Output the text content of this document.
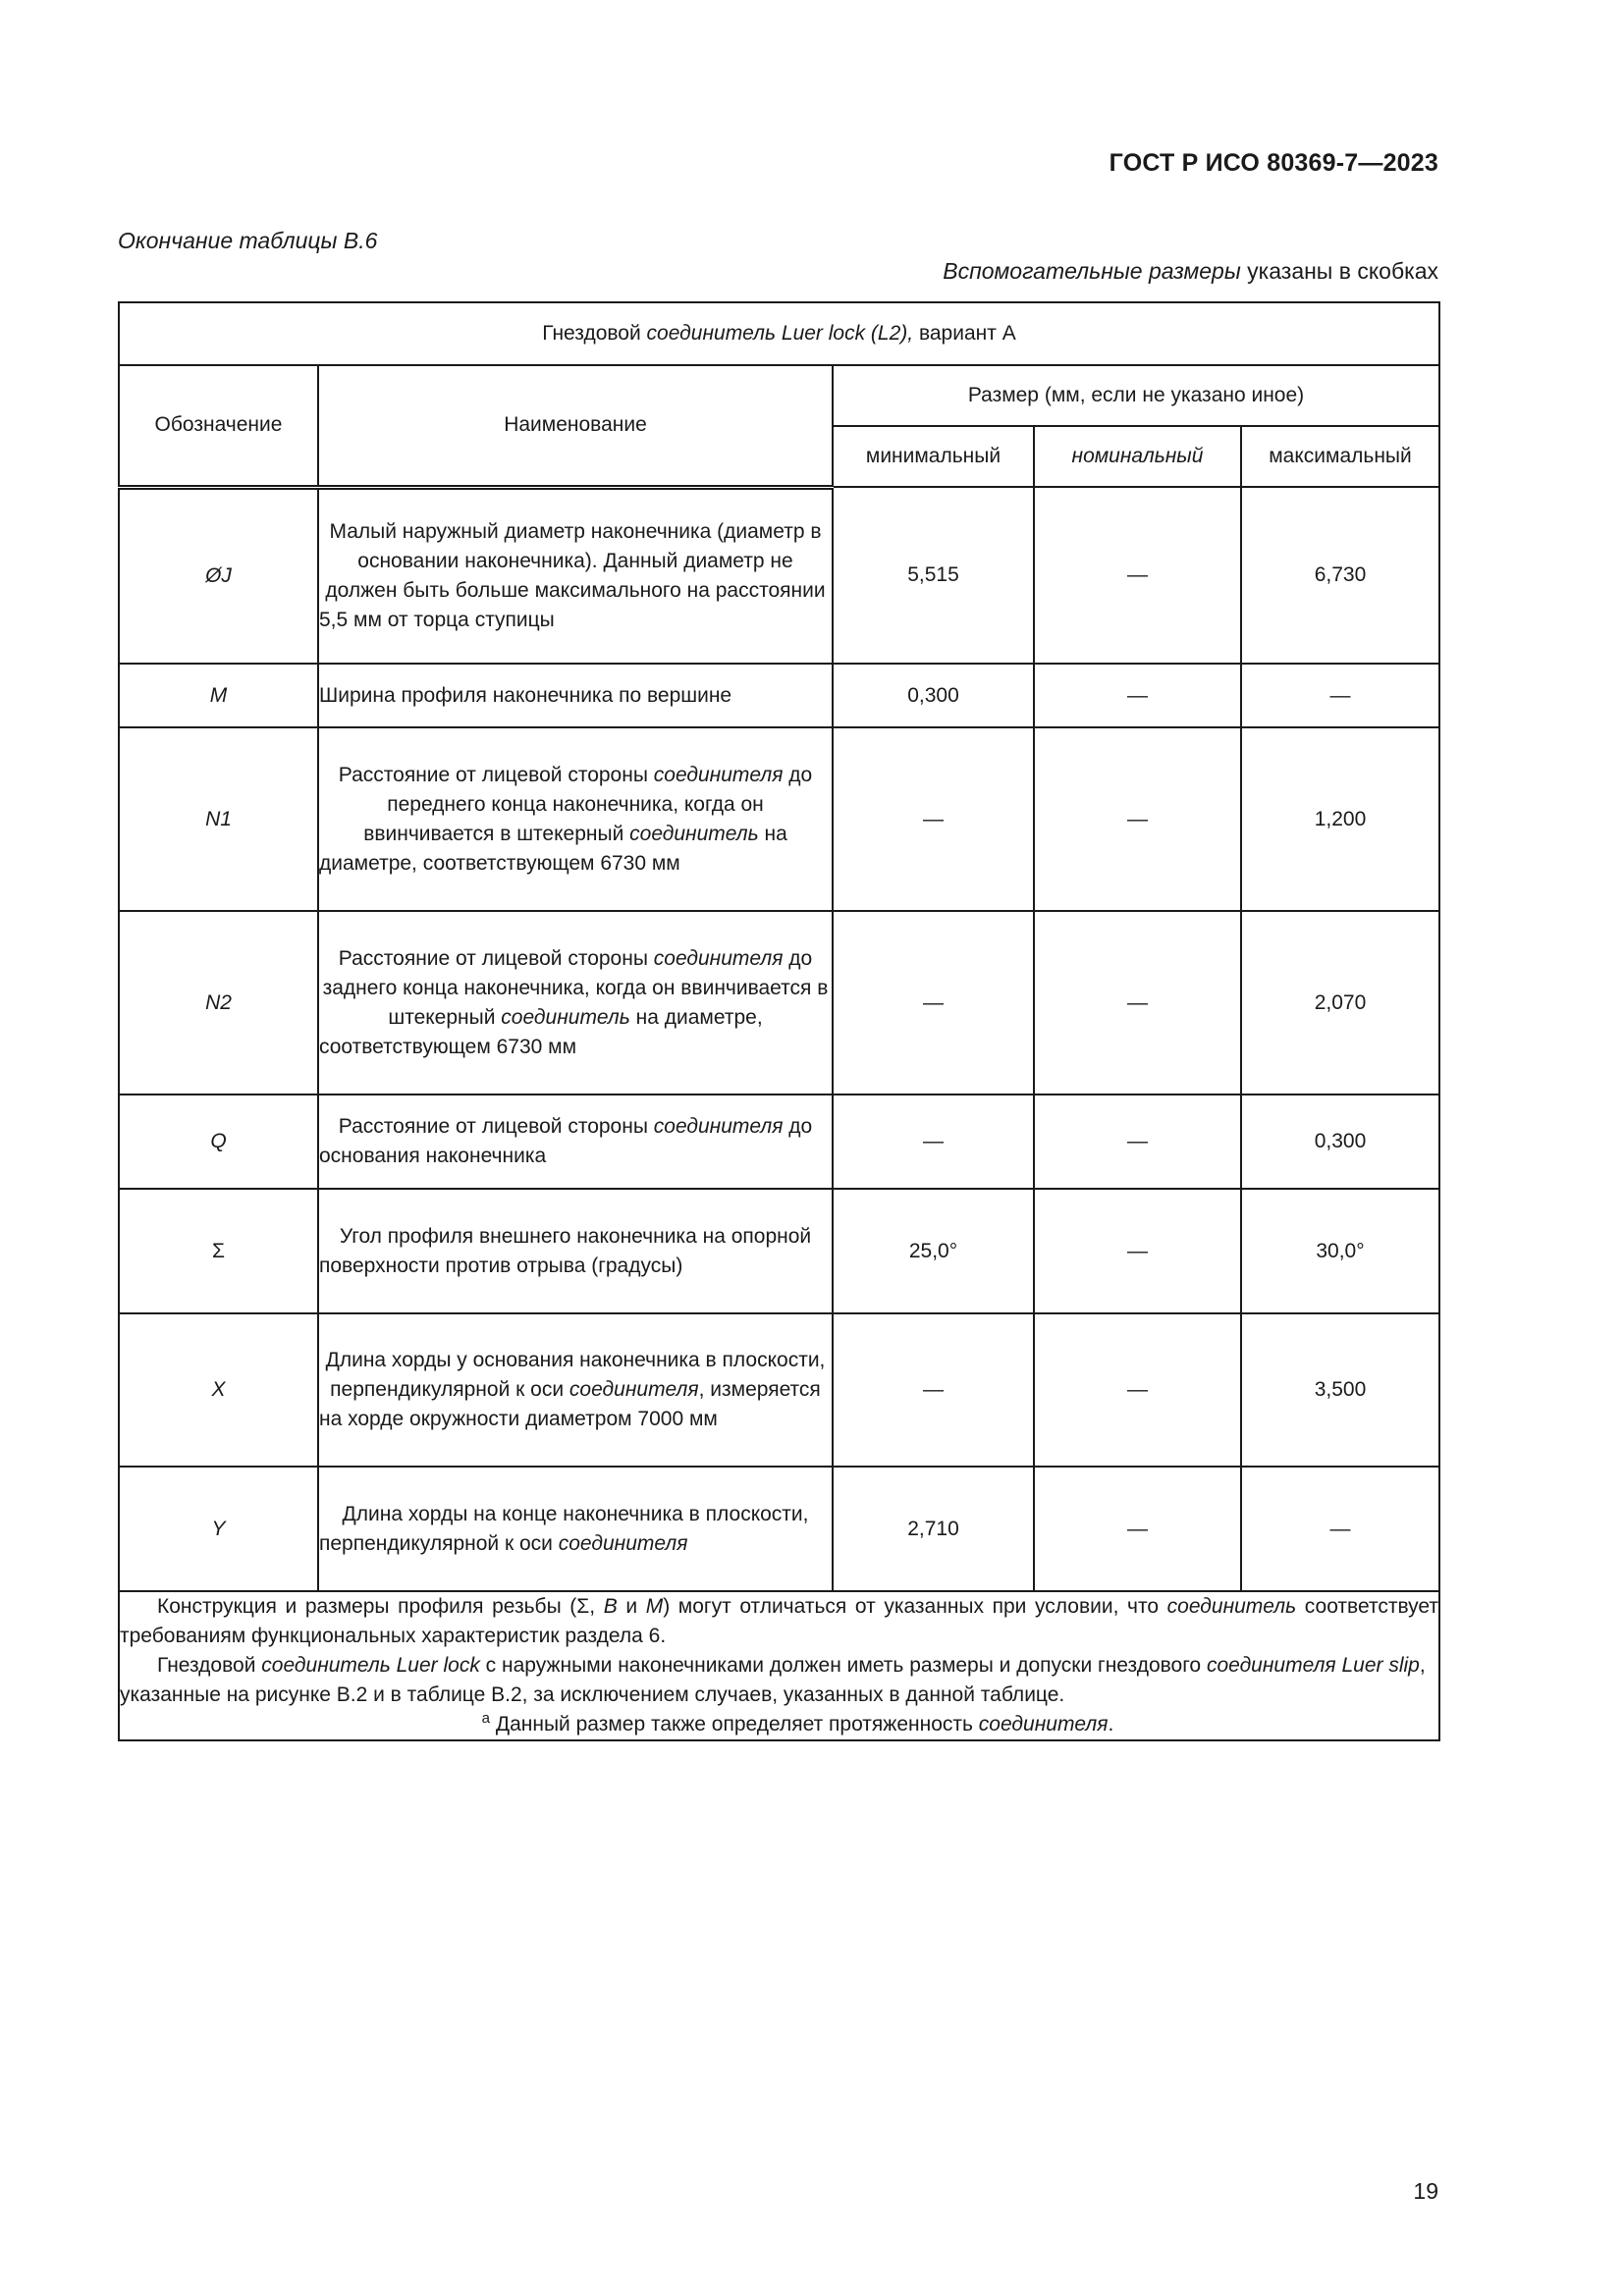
ГОСТ Р ИСО 80369-7—2023
Окончание таблицы В.6
Вспомогательные размеры указаны в скобках
Гнездовой соединитель Luer lock (L2), вариант А				
Обозначение	Наименование	Размер (мм, если не указано иное)		
		минимальный	номинальный	максимальный
ØJ	Малый наружный диаметр наконечника (диаметр в основании наконечника). Данный диаметр не должен быть больше максимального на расстоянии 5,5 мм от торца ступицы	5,515	—	6,730
M	Ширина профиля наконечника по вершине	0,300	—	—
N1	Расстояние от лицевой стороны соединителя до переднего конца наконечника, когда он ввинчивается в штекерный соединитель на диаметре, соответствующем 6730 мм	—	—	1,200
N2	Расстояние от лицевой стороны соединителя до заднего конца наконечника, когда он ввинчивается в штекерный соединитель на диаметре, соответствующем 6730 мм	—	—	2,070
Q	Расстояние от лицевой стороны соединителя до основания наконечника	—	—	0,300
Σ	Угол профиля внешнего наконечника на опорной поверхности против отрыва (градусы)	25,0°	—	30,0°
X	Длина хорды у основания наконечника в плоскости, перпендикулярной к оси соединителя, измеряется на хорде окружности диаметром 7000 мм	—	—	3,500
Y	Длина хорды на конце наконечника в плоскости, перпендикулярной к оси соединителя	2,710	—	—

Конструкция и размеры профиля резьбы (Σ, B и M) могут отличаться от указанных при условии, что соединитель соответствует требованиям функциональных характеристик раздела 6.

Гнездовой соединитель Luer lock с наружными наконечниками должен иметь размеры и допуски гнездового соединителя Luer slip, указанные на рисунке В.2 и в таблице В.2, за исключением случаев, указанных в данной таблице.

$^а$ Данный размер также определяет протяженность соединителя.				

19
